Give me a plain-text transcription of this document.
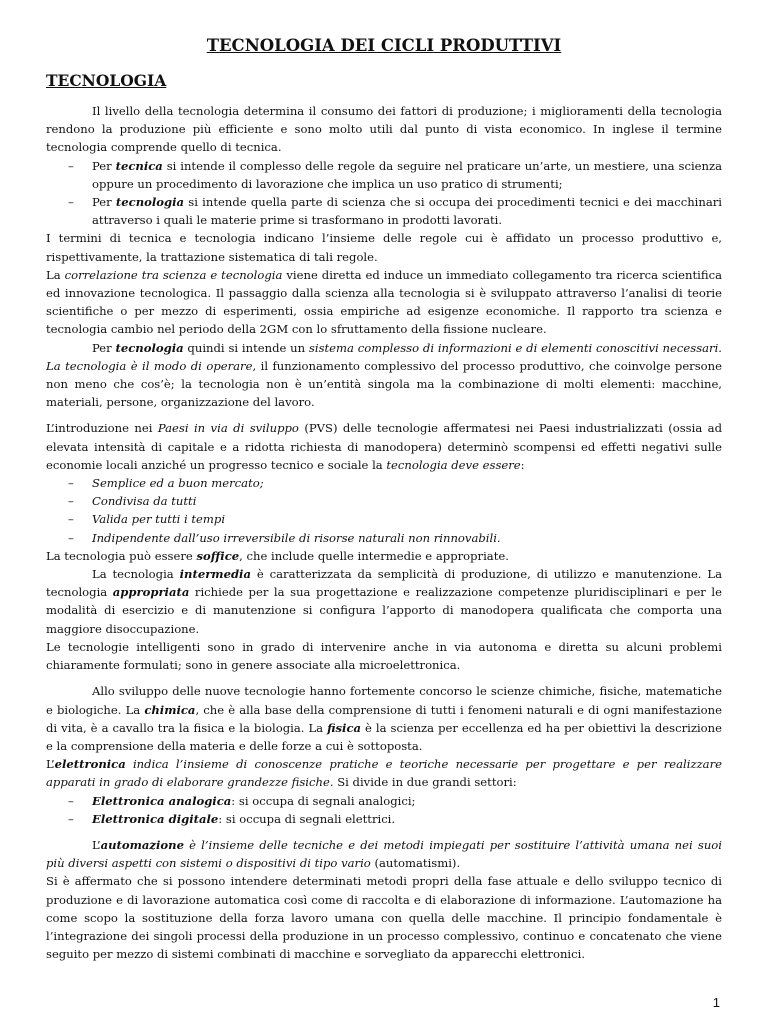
TECNOLOGIA DEI CICLI PRODUTTIVI
TECNOLOGIA

Il livello della tecnologia determina il consumo dei fattori di produzione; i miglioramenti della tecnologia rendono la produzione più efficiente e sono molto utili dal punto di vista economico. In inglese il termine tecnologia comprende quello di tecnica.

– Per tecnica si intende il complesso delle regole da seguire nel praticare un’arte, un mestiere, una scienza oppure un procedimento di lavorazione che implica un uso pratico di strumenti;

– Per tecnologia si intende quella parte di scienza che si occupa dei procedimenti tecnici e dei macchinari attraverso i quali le materie prime si trasformano in prodotti lavorati.

I termini di tecnica e tecnologia indicano l’insieme delle regole cui è affidato un processo produttivo e, rispettivamente, la trattazione sistematica di tali regole.

La correlazione tra scienza e tecnologia viene diretta ed induce un immediato collegamento tra ricerca scientifica ed innovazione tecnologica. Il passaggio dalla scienza alla tecnologia si è sviluppato attraverso l’analisi di teorie scientifiche o per mezzo di esperimenti, ossia empiriche ad esigenze economiche. Il rapporto tra scienza e tecnologia cambio nel periodo della 2GM con lo sfruttamento della fissione nucleare.

Per tecnologia quindi si intende un sistema complesso di informazioni e di elementi conoscitivi necessari. La tecnologia è il modo di operare, il funzionamento complessivo del processo produttivo, che coinvolge persone non meno che cos’è; la tecnologia non è un’entità singola ma la combinazione di molti elementi: macchine, materiali, persone, organizzazione del lavoro.

L’introduzione nei Paesi in via di sviluppo (PVS) delle tecnologie affermatesi nei Paesi industrializzati (ossia ad elevata intensità di capitale e a ridotta richiesta di manodopera) determinò scompensi ed effetti negativi sulle economie locali anziché un progresso tecnico e sociale la tecnologia deve essere:

– Semplice ed a buon mercato;

– Condivisa da tutti

– Valida per tutti i tempi

– Indipendente dall’uso irreversibile di risorse naturali non rinnovabili.

La tecnologia può essere soffice, che include quelle intermedie e appropriate.

La tecnologia intermedia è caratterizzata da semplicità di produzione, di utilizzo e manutenzione. La tecnologia appropriata richiede per la sua progettazione e realizzazione competenze pluridisciplinari e per le modalità di esercizio e di manutenzione si configura l’apporto di manodopera qualificata che comporta una maggiore disoccupazione.

Le tecnologie intelligenti sono in grado di intervenire anche in via autonoma e diretta su alcuni problemi chiaramente formulati; sono in genere associate alla microelettronica.

Allo sviluppo delle nuove tecnologie hanno fortemente concorso le scienze chimiche, fisiche, matematiche e biologiche. La chimica, che è alla base della comprensione di tutti i fenomeni naturali e di ogni manifestazione di vita, è a cavallo tra la fisica e la biologia. La fisica è la scienza per eccellenza ed ha per obiettivi la descrizione e la comprensione della materia e delle forze a cui è sottoposta.

L’elettronica indica l’insieme di conoscenze pratiche e teoriche necessarie per progettare e per realizzare apparati in grado di elaborare grandezze fisiche. Si divide in due grandi settori:

– Elettronica analogica: si occupa di segnali analogici;

– Elettronica digitale: si occupa di segnali elettrici.

L’automazione è l’insieme delle tecniche e dei metodi impiegati per sostituire l’attività umana nei suoi più diversi aspetti con sistemi o dispositivi di tipo vario (automatismi).

Si è affermato che si possono intendere determinati metodi propri della fase attuale e dello sviluppo tecnico di produzione e di lavorazione automatica così come di raccolta e di elaborazione di informazione. L’automazione ha come scopo la sostituzione della forza lavoro umana con quella delle macchine. Il principio fondamentale è l’integrazione dei singoli processi della produzione in un processo complessivo, continuo e concatenato che viene seguito per mezzo di sistemi combinati di macchine e sorvegliato da apparecchi elettronici.

1
